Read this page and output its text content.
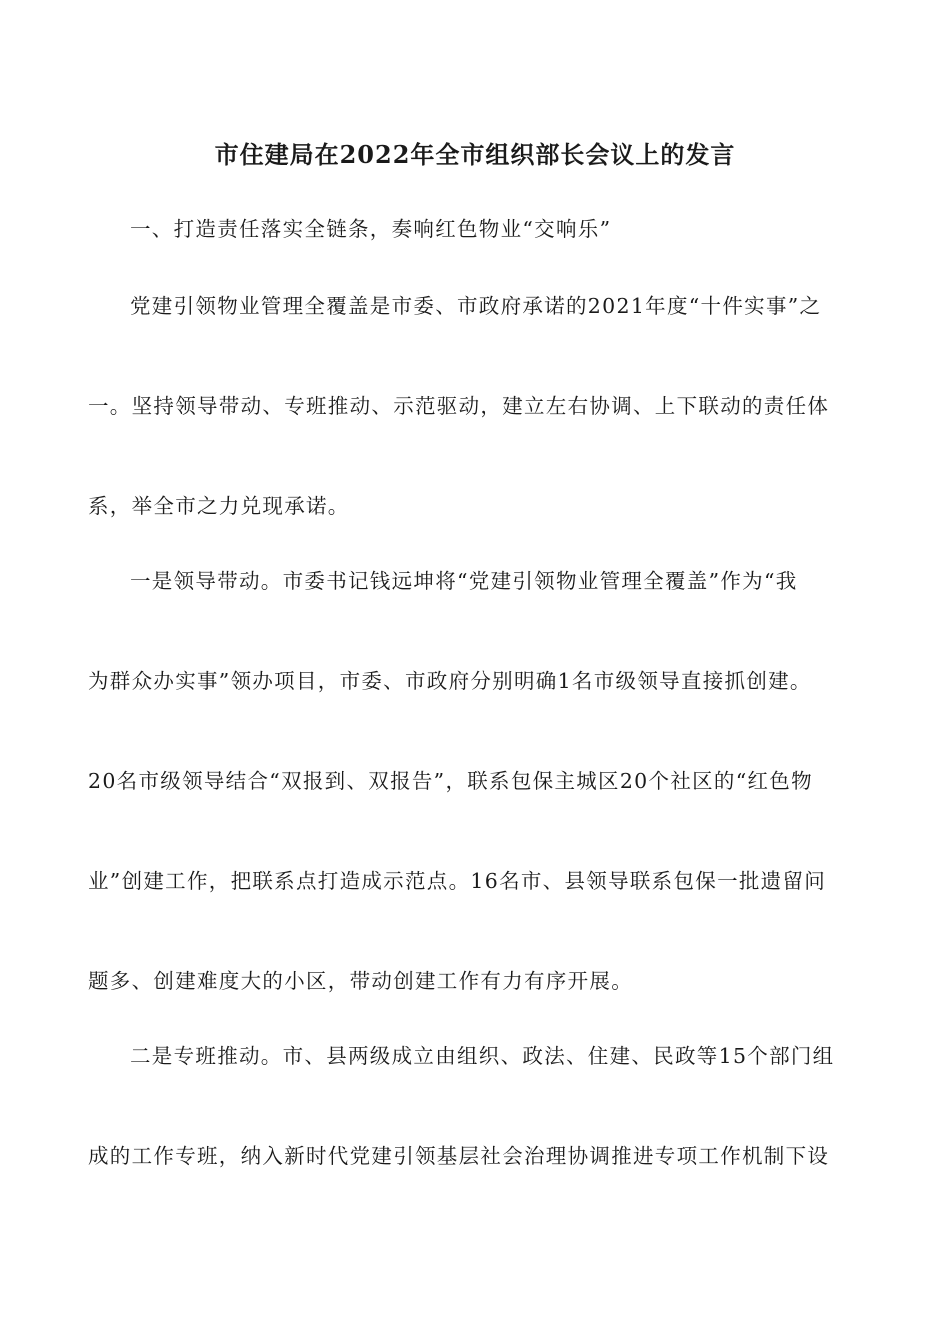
市住建局在2022年全市组织部长会议上的发言
一、打造责任落实全链条，奏响红色物业“交响乐”
党建引领物业管理全覆盖是市委、市政府承诺的2021年度“十件实事”之
一。坚持领导带动、专班推动、示范驱动，建立左右协调、上下联动的责任体
系，举全市之力兑现承诺。
一是领导带动。市委书记钱远坤将“党建引领物业管理全覆盖”作为“我
为群众办实事”领办项目，市委、市政府分别明确1名市级领导直接抓创建。
20名市级领导结合“双报到、双报告”，联系包保主城区20个社区的“红色物
业”创建工作，把联系点打造成示范点。16名市、县领导联系包保一批遗留问
题多、创建难度大的小区，带动创建工作有力有序开展。
二是专班推动。市、县两级成立由组织、政法、住建、民政等15个部门组
成的工作专班，纳入新时代党建引领基层社会治理协调推进专项工作机制下设
